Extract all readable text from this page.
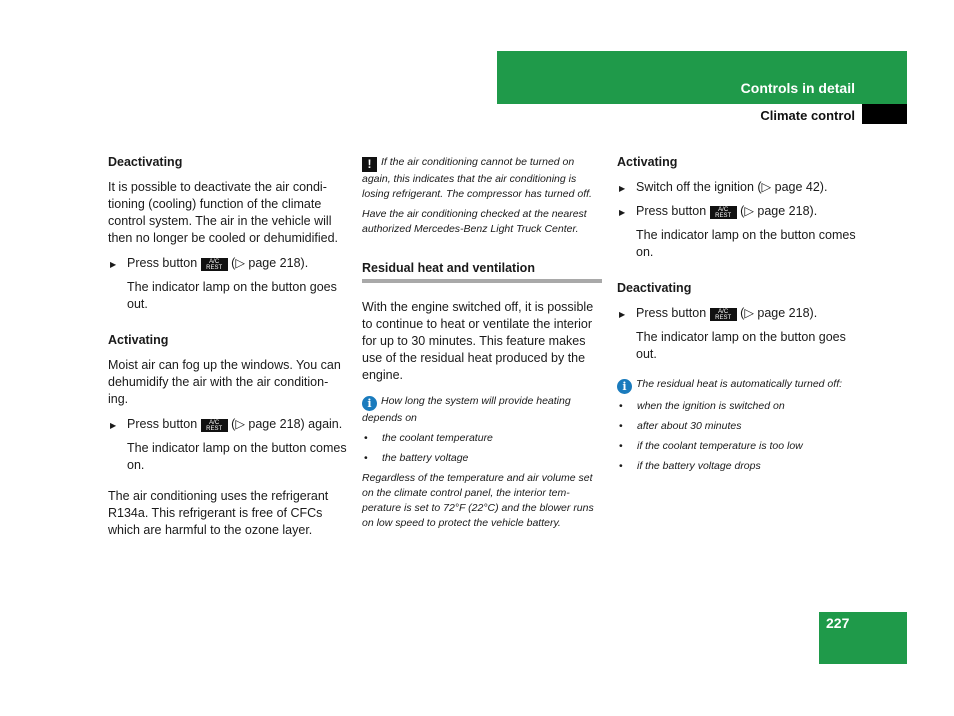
Controls in detail
Climate control
Deactivating
It is possible to deactivate the air condi-tioning (cooling) function of the climate control system. The air in the vehicle will then no longer be cooled or dehumidified.
▶ Press button A/C
REST (▷ page 218).
The indicator lamp on the button goes out.
Activating
Moist air can fog up the windows. You can dehumidify the air with the air condition-ing.
▶ Press button A/C
REST (▷ page 218) again.
The indicator lamp on the button comes on.
The air conditioning uses the refrigerant R134a. This refrigerant is free of CFCs which are harmful to the ozone layer.
! If the air conditioning cannot be turned on again, this indicates that the air conditioning is losing refrigerant. The compressor has turned off.
Have the air conditioning checked at the nearest authorized Mercedes-Benz Light Truck Center.
Residual heat and ventilation
With the engine switched off, it is possible to continue to heat or ventilate the interior for up to 30 minutes. This feature makes use of the residual heat produced by the engine.
i How long the system will provide heating depends on
• the coolant temperature
• the battery voltage
Regardless of the temperature and air volume set on the climate control panel, the interior tem-perature is set to 72°F (22°C) and the blower runs on low speed to protect the vehicle battery.
Activating
▶ Switch off the ignition (▷ page 42).
▶ Press button A/C
REST (▷ page 218).
The indicator lamp on the button comes on.
Deactivating
▶ Press button A/C
REST (▷ page 218).
The indicator lamp on the button goes out.
i The residual heat is automatically turned off:
• when the ignition is switched on
• after about 30 minutes
• if the coolant temperature is too low
• if the battery voltage drops
227
